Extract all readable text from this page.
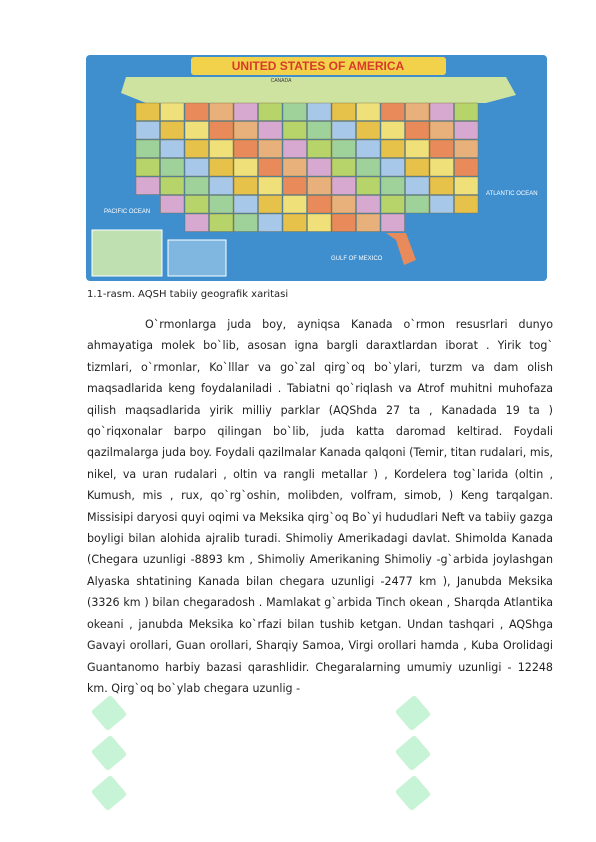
UNITED STATES OF AMERICA
CANADA
PACIFIC OCEAN
ATLANTIC OCEAN
GULF OF MEXICO
1.1-rasm. AQSH tabiiy geografik xaritasi

O`rmonlarga juda boy, ayniqsa Kanada o`rmon resusrlari dunyo ahmayatiga molek bo`lib, asosan igna bargli daraxtlardan iborat . Yirik tog` tizmlari, o`rmonlar, Ko`lllar va go`zal qirg`oq bo`ylari, turzm va dam olish maqsadlarida keng foydalaniladi . Tabiatni qo`riqlash va Atrof muhitni muhofaza qilish maqsadlarida yirik milliy parklar (AQShda 27 ta , Kanadada 19 ta ) qo`riqxonalar barpo qilingan bo`lib, juda katta daromad keltirad. Foydali qazilmalarga juda boy. Foydali qazilmalar Kanada qalqoni (Temir, titan rudalari, mis, nikel, va uran rudalari , oltin va rangli metallar ) , Kordelera tog`larida (oltin , Kumush, mis , rux, qo`rg`oshin, molibden, volfram, simob, ) Keng tarqalgan. Missisipi daryosi quyi oqimi va Meksika qirg`oq Bo`yi hududlari Neft va tabiiy gazga boyligi bilan alohida ajralib turadi. Shimoliy Amerikadagi davlat. Shimolda Kanada (Chegara uzunligi -8893 km , Shimoliy Amerikaning Shimoliy -g`arbida joylashgan Alyaska shtatining Kanada bilan chegara uzunligi -2477 km ), Janubda Meksika (3326 km ) bilan chegaradosh . Mamlakat g`arbida Tinch okean , Sharqda Atlantika okeani , janubda Meksika ko`rfazi bilan tushib ketgan. Undan tashqari , AQShga Gavayi orollari, Guan orollari, Sharqiy Samoa, Virgi orollari hamda , Kuba Orolidagi Guantanomo harbiy bazasi qarashlidir. Chegaralarning umumiy uzunligi - 12248 km. Qirg`oq bo`ylab chegara uzunlig -
